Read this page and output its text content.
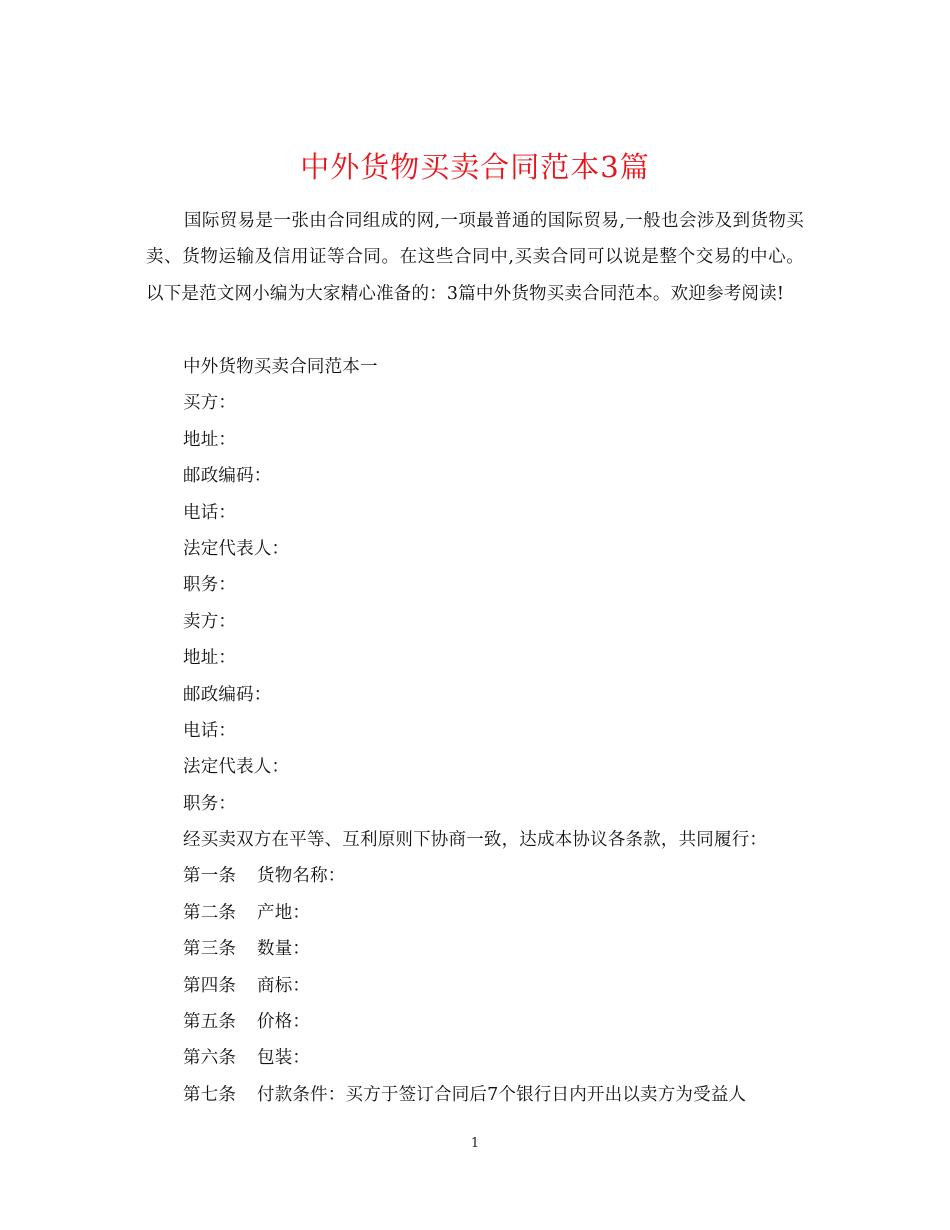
中外货物买卖合同范本3篇

国际贸易是一张由合同组成的网,一项最普通的国际贸易,一般也会涉及到货物买卖、货物运输及信用证等合同。在这些合同中,买卖合同可以说是整个交易的中心。以下是范文网小编为大家精心准备的：3篇中外货物买卖合同范本。欢迎参考阅读!

中外货物买卖合同范本一
买方：
地址：
邮政编码：
电话：
法定代表人：
职务：
卖方：
地址：
邮政编码：
电话：
法定代表人：
职务：
经买卖双方在平等、互利原则下协商一致，达成本协议各条款，共同履行：
第一条 货物名称：
第二条 产地：
第三条 数量：
第四条 商标：
第五条 价格：
第六条 包装：
第七条 付款条件：买方于签订合同后7个银行日内开出以卖方为受益人
1
